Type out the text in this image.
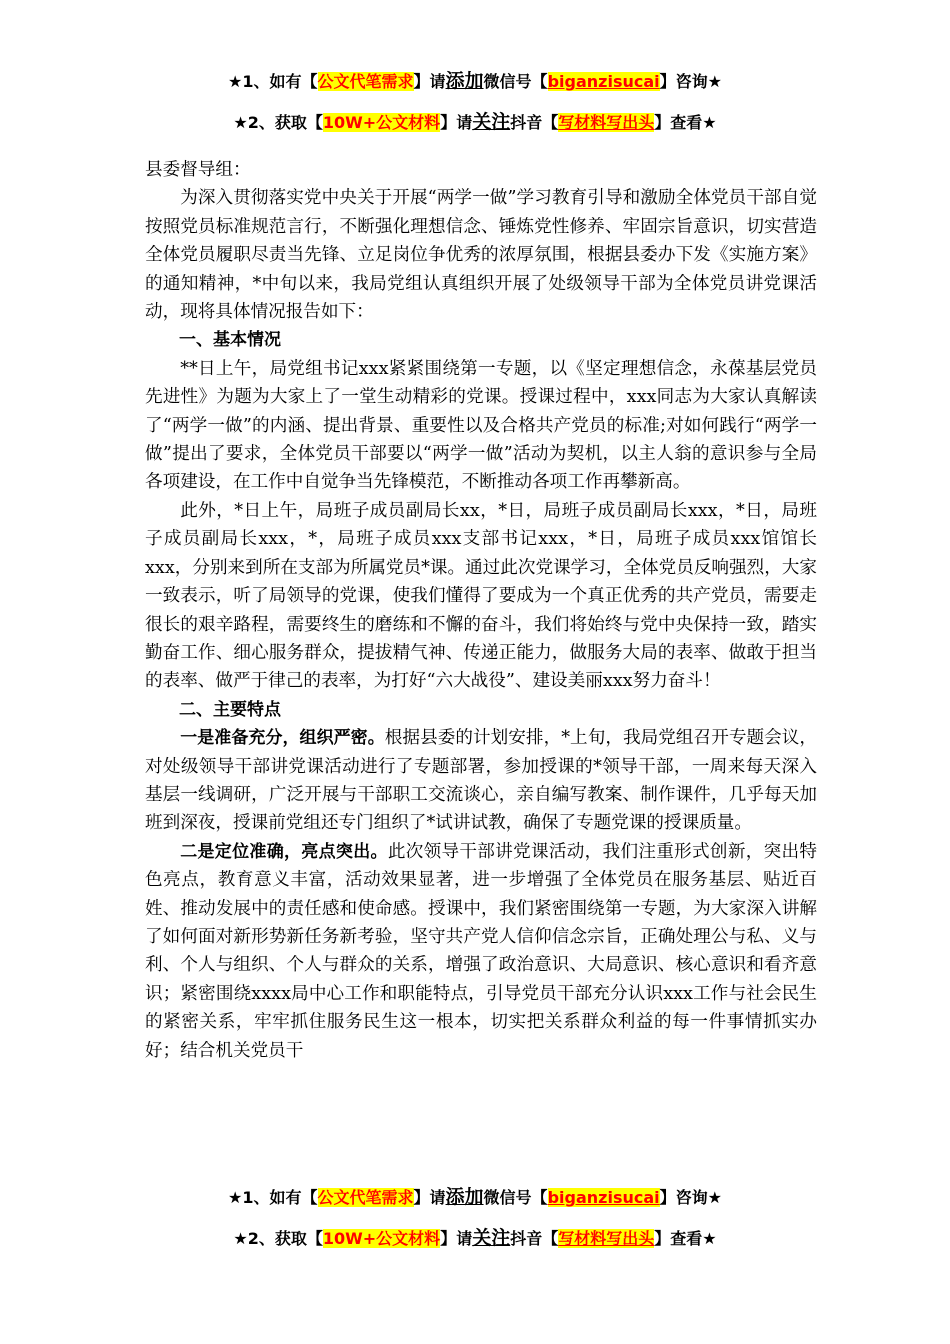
★1、如有【公文代笔需求】请添加微信号【biganzisucai】咨询★
★2、获取【10W+公文材料】请关注抖音【写材料写出头】查看★

县委督导组：

为深入贯彻落实党中央关于开展“两学一做”学习教育引导和激励全体党员干部自觉按照党员标准规范言行，不断强化理想信念、锤炼党性修养、牢固宗旨意识，切实营造全体党员履职尽责当先锋、立足岗位争优秀的浓厚氛围，根据县委办下发《实施方案》的通知精神，*中旬以来，我局党组认真组织开展了处级领导干部为全体党员讲党课活动，现将具体情况报告如下：

一、基本情况

**日上午，局党组书记xxx紧紧围绕第一专题，以《坚定理想信念，永葆基层党员先进性》为题为大家上了一堂生动精彩的党课。授课过程中，xxx同志为大家认真解读了“两学一做”的内涵、提出背景、重要性以及合格共产党员的标准;对如何践行“两学一做”提出了要求，全体党员干部要以“两学一做”活动为契机，以主人翁的意识参与全局各项建设，在工作中自觉争当先锋模范，不断推动各项工作再攀新高。

此外，*日上午，局班子成员副局长xx，*日，局班子成员副局长xxx，*日，局班子成员副局长xxx，*，局班子成员xxx支部书记xxx，*日，局班子成员xxx馆馆长xxx，分别来到所在支部为所属党员*课。通过此次党课学习，全体党员反响强烈，大家一致表示，听了局领导的党课，使我们懂得了要成为一个真正优秀的共产党员，需要走很长的艰辛路程，需要终生的磨练和不懈的奋斗，我们将始终与党中央保持一致，踏实勤奋工作、细心服务群众，提拔精气神、传递正能力，做服务大局的表率、做敢于担当的表率、做严于律己的表率，为打好“六大战役”、建设美丽xxx努力奋斗！

二、主要特点

一是准备充分，组织严密。根据县委的计划安排，*上旬，我局党组召开专题会议，对处级领导干部讲党课活动进行了专题部署，参加授课的*领导干部，一周来每天深入基层一线调研，广泛开展与干部职工交流谈心，亲自编写教案、制作课件，几乎每天加班到深夜，授课前党组还专门组织了*试讲试教，确保了专题党课的授课质量。

二是定位准确，亮点突出。此次领导干部讲党课活动，我们注重形式创新，突出特色亮点，教育意义丰富，活动效果显著，进一步增强了全体党员在服务基层、贴近百姓、推动发展中的责任感和使命感。授课中，我们紧密围绕第一专题，为大家深入讲解了如何面对新形势新任务新考验，坚守共产党人信仰信念宗旨，正确处理公与私、义与利、个人与组织、个人与群众的关系，增强了政治意识、大局意识、核心意识和看齐意识；紧密围绕xxxx局中心工作和职能特点，引导党员干部充分认识xxx工作与社会民生的紧密关系，牢牢抓住服务民生这一根本，切实把关系群众利益的每一件事情抓实办好；结合机关党员干

★1、如有【公文代笔需求】请添加微信号【biganzisucai】咨询★
★2、获取【10W+公文材料】请关注抖音【写材料写出头】查看★
